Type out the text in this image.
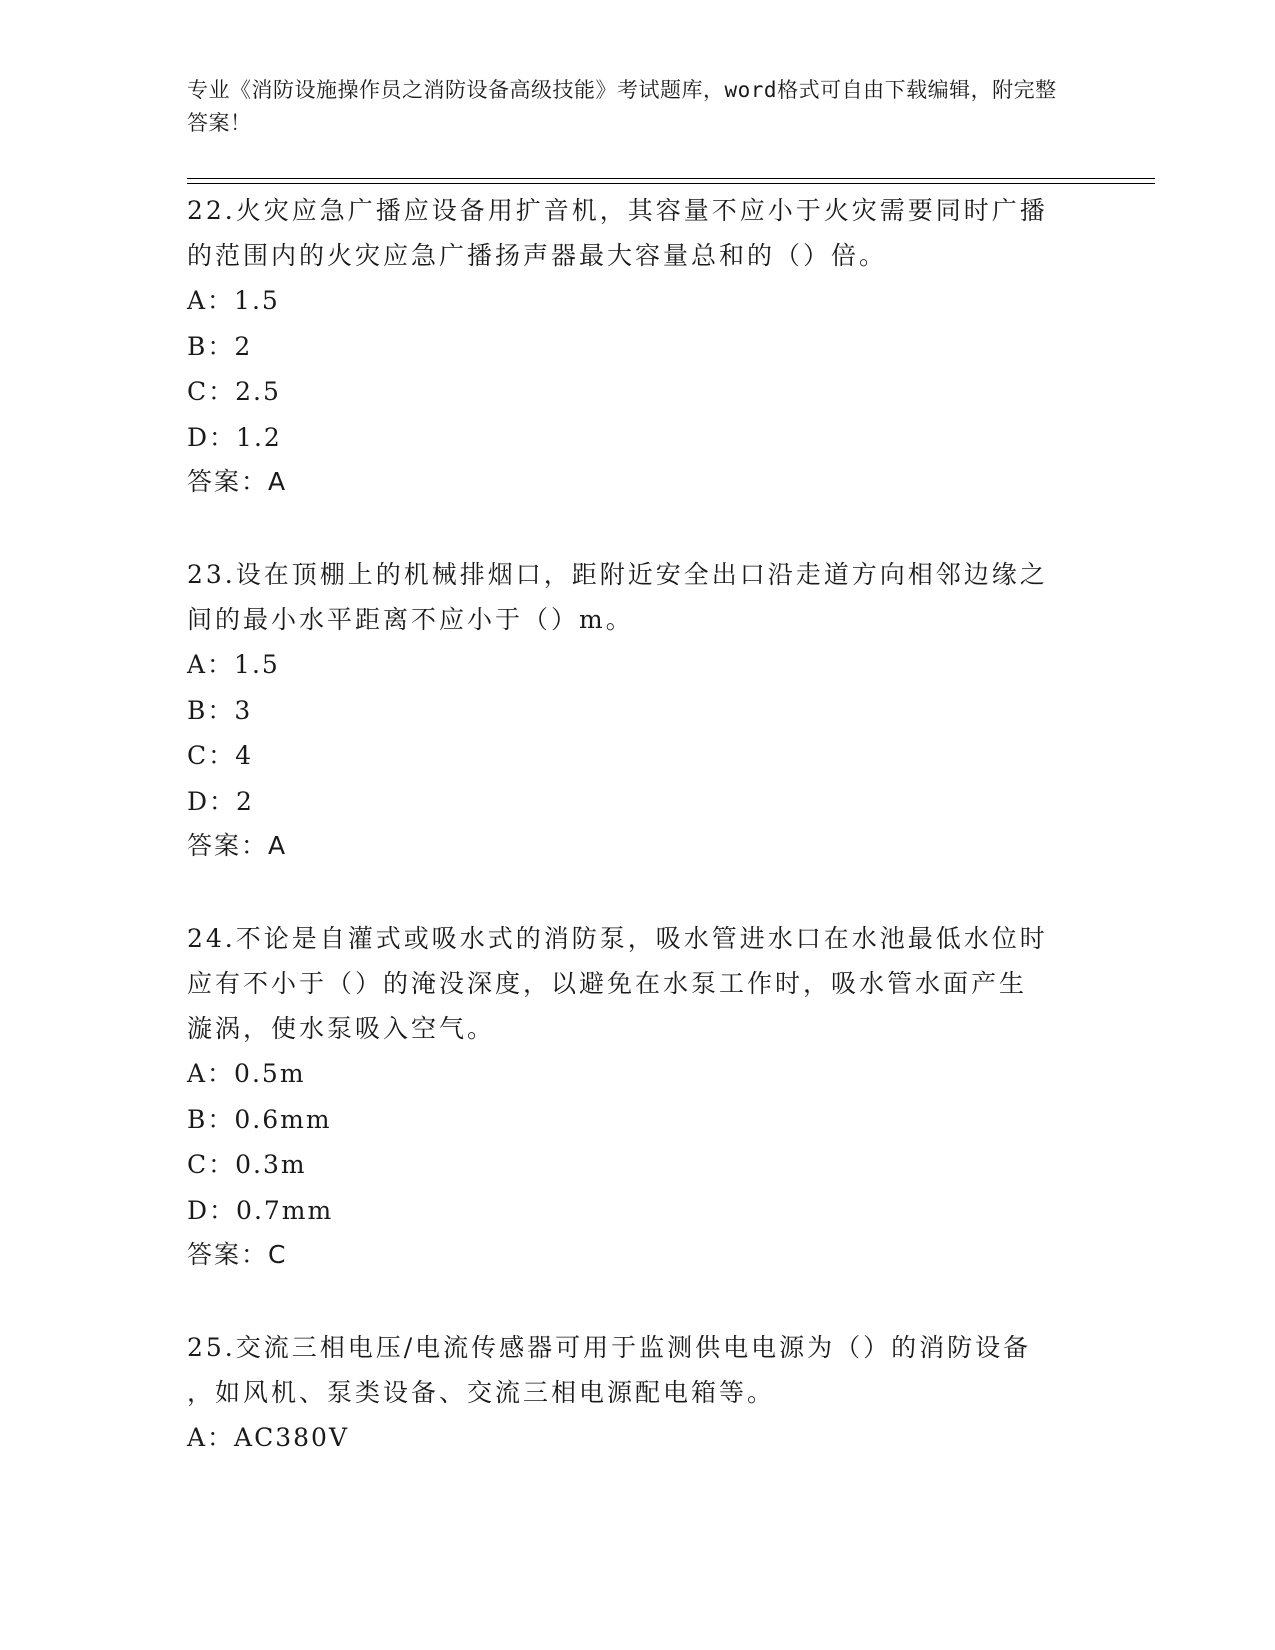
专业《消防设施操作员之消防设备高级技能》考试题库，word格式可自由下载编辑，附完整答案！

22.火灾应急广播应设备用扩音机，其容量不应小于火灾需要同时广播

的范围内的火灾应急广播扬声器最大容量总和的（）倍。

A：1.5

B：2

C：2.5

D：1.2

答案：A

23.设在顶棚上的机械排烟口，距附近安全出口沿走道方向相邻边缘之

间的最小水平距离不应小于（）m。

A：1.5

B：3

C：4

D：2

答案：A

24.不论是自灌式或吸水式的消防泵，吸水管进水口在水池最低水位时

应有不小于（）的淹没深度，以避免在水泵工作时，吸水管水面产生

漩涡，使水泵吸入空气。

A：0.5m

B：0.6mm

C：0.3m

D：0.7mm

答案：C

25.交流三相电压/电流传感器可用于监测供电电源为（）的消防设备

，如风机、泵类设备、交流三相电源配电箱等。

A：AC380V
